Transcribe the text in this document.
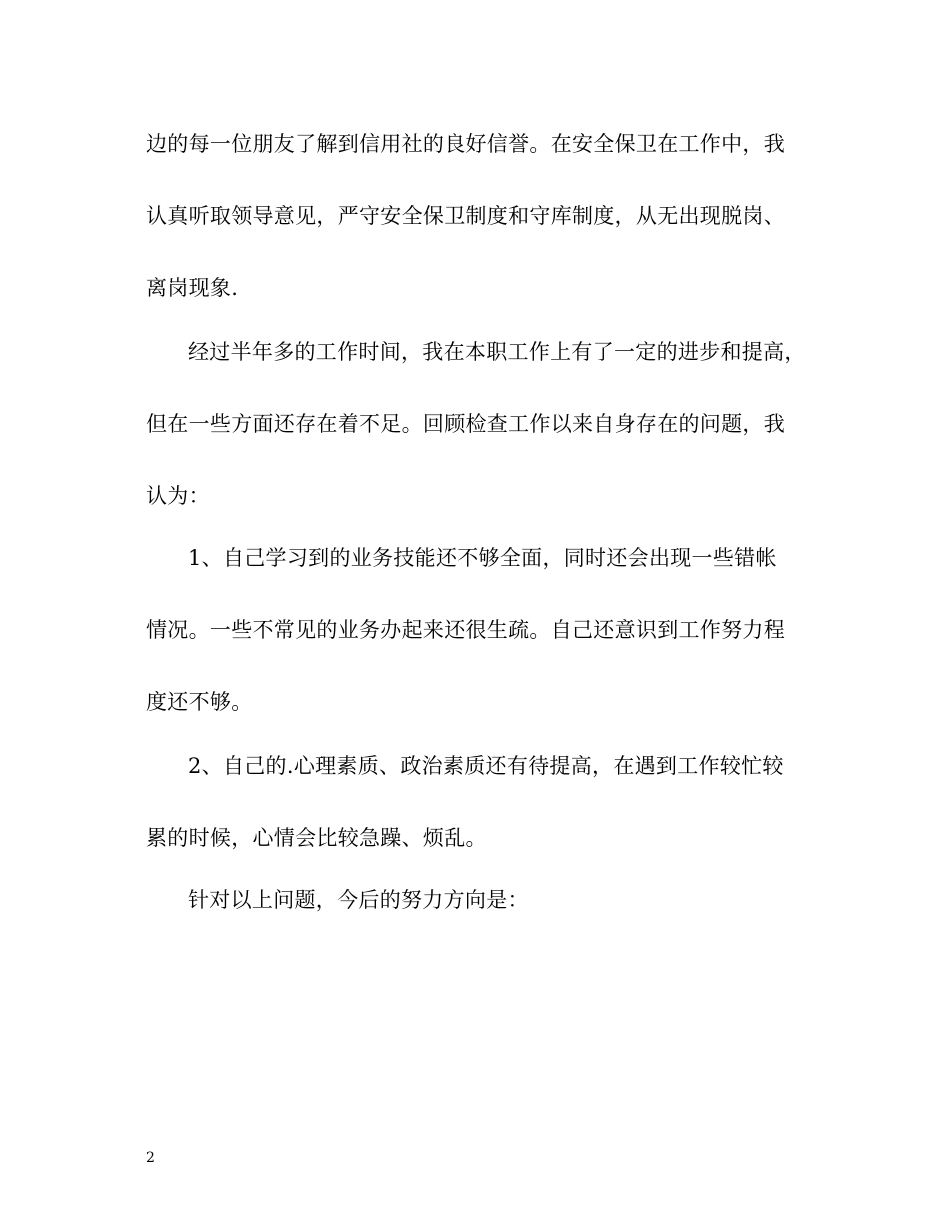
边的每一位朋友了解到信用社的良好信誉。在安全保卫在工作中，我
认真听取领导意见，严守安全保卫制度和守库制度，从无出现脱岗、
离岗现象.
经过半年多的工作时间，我在本职工作上有了一定的进步和提高，
但在一些方面还存在着不足。回顾检查工作以来自身存在的问题，我
认为：
1、自己学习到的业务技能还不够全面，同时还会出现一些错帐
情况。一些不常见的业务办起来还很生疏。自己还意识到工作努力程
度还不够。
2、自己的.心理素质、政治素质还有待提高，在遇到工作较忙较
累的时候，心情会比较急躁、烦乱。
针对以上问题，今后的努力方向是：
2
